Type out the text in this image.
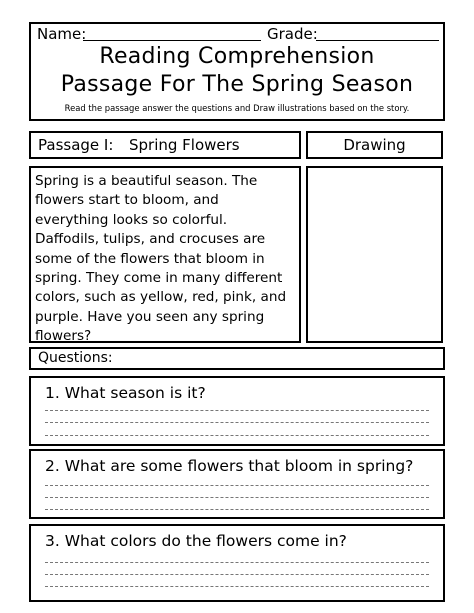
Name:	Grade:
Reading Comprehension
Passage For The Spring Season
Read the passage answer the questions and Draw illustrations based on the story.
Passage I: Spring Flowers	Drawing
Spring is a beautiful season. The
flowers start to bloom, and
everything looks so colorful.
Daffodils, tulips, and crocuses are
some of the flowers that bloom in
spring. They come in many different
colors, such as yellow, red, pink, and
purple. Have you seen any spring
flowers?
Questions:
1. What season is it?
2. What are some flowers that bloom in spring?
3. What colors do the flowers come in?
